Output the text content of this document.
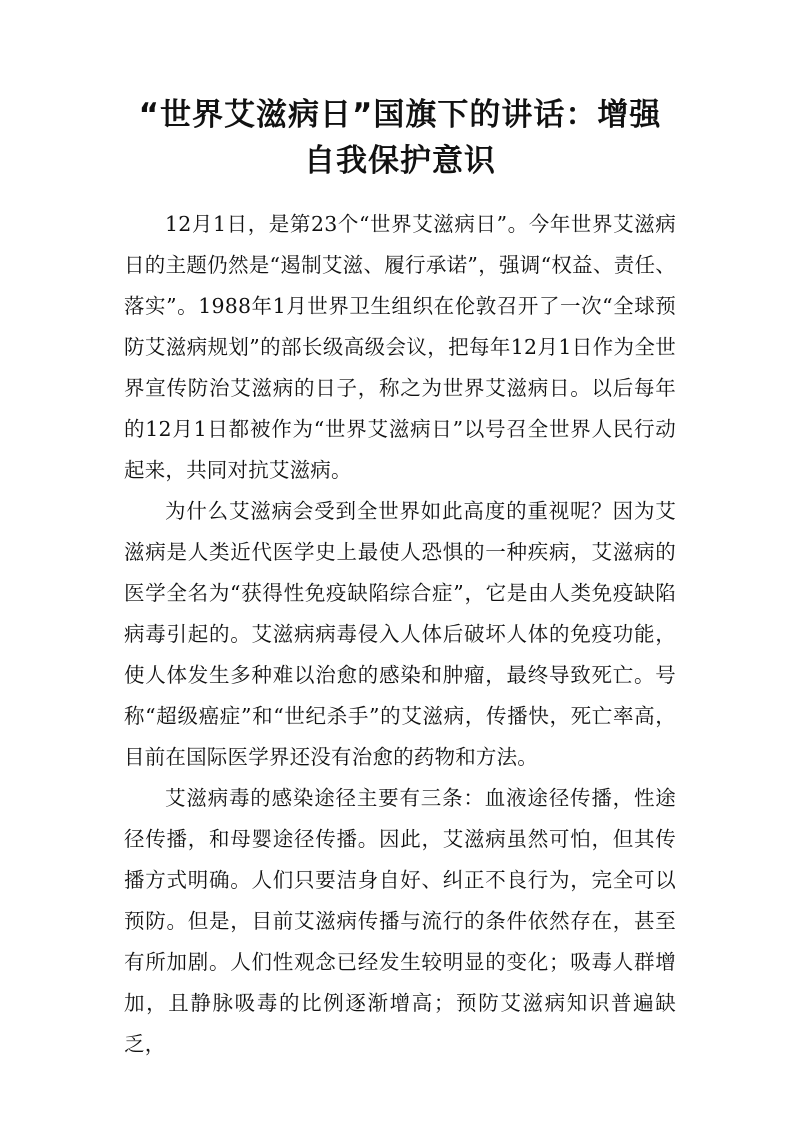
“世界艾滋病日”国旗下的讲话：增强
自我保护意识

12月1日，是第23个“世界艾滋病日”。今年世界艾滋病日的主题仍然是“遏制艾滋、履行承诺”，强调“权益、责任、落实”。1988年1月世界卫生组织在伦敦召开了一次“全球预防艾滋病规划”的部长级高级会议，把每年12月1日作为全世界宣传防治艾滋病的日子，称之为世界艾滋病日。以后每年的12月1日都被作为“世界艾滋病日”以号召全世界人民行动起来，共同对抗艾滋病。

为什么艾滋病会受到全世界如此高度的重视呢？因为艾滋病是人类近代医学史上最使人恐惧的一种疾病，艾滋病的医学全名为“获得性免疫缺陷综合症”，它是由人类免疫缺陷病毒引起的。艾滋病病毒侵入人体后破坏人体的免疫功能，使人体发生多种难以治愈的感染和肿瘤，最终导致死亡。号称“超级癌症”和“世纪杀手”的艾滋病，传播快，死亡率高，目前在国际医学界还没有治愈的药物和方法。

艾滋病毒的感染途径主要有三条：血液途径传播，性途径传播，和母婴途径传播。因此，艾滋病虽然可怕，但其传播方式明确。人们只要洁身自好、纠正不良行为，完全可以预防。但是，目前艾滋病传播与流行的条件依然存在，甚至有所加剧。人们性观念已经发生较明显的变化；吸毒人群增加，且静脉吸毒的比例逐渐增高；预防艾滋病知识普遍缺乏，
